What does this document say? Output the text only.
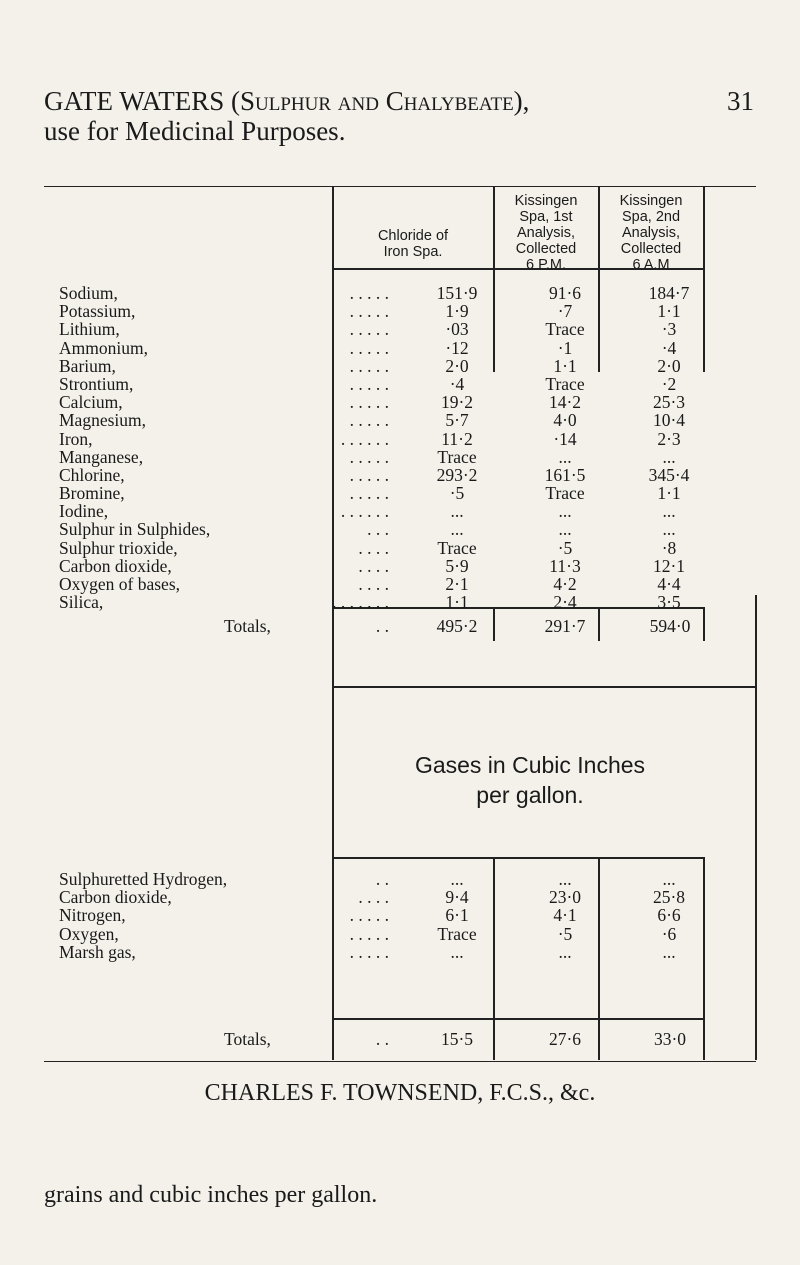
GATE WATERS (Sulphur and Chalybeate),	31
use for Medicinal Purposes.
Chloride of
Iron Spa.
Kissingen
Spa, 1st
Analysis,
Collected
6 P.M.
Kissingen
Spa, 2nd
Analysis,
Collected
6 A.M
Sodium,	. . . . .	151·9	91·6	184·7
Potassium,	. . . . .	1·9	·7	1·1
Lithium,	. . . . .	·03	Trace	·3
Ammonium,	. . . . .	·12	·1	·4
Barium,	. . . . .	2·0	1·1	2·0
Strontium,	. . . . .	·4	Trace	·2
Calcium,	. . . . .	19·2	14·2	25·3
Magnesium,	. . . . .	5·7	4·0	10·4
Iron,	. . . . . .	11·2	·14	2·3
Manganese,	. . . . .	Trace	...	...
Chlorine,	. . . . .	293·2	161·5	345·4
Bromine,	. . . . .	·5	Trace	1·1
Iodine,	. . . . . .	...	...	...
Sulphur in Sulphides,	. . .	...	...	...
Sulphur trioxide,	. . . .	Trace	·5	·8
Carbon dioxide,	. . . .	5·9	11·3	12·1
Oxygen of bases,	. . . .	2·1	4·2	4·4
Silica,	. . . . . . .	1·1	2·4	3·5
Totals,	. .	495·2	291·7	594·0
Gases in Cubic Inches
per gallon.
Sulphuretted Hydrogen,	. .	...	...	...
Carbon dioxide,	. . . .	9·4	23·0	25·8
Nitrogen,	. . . . .	6·1	4·1	6·6
Oxygen,	. . . . .	Trace	·5	·6
Marsh gas,	. . . . .	...	...	...
Totals,	. .	15·5	27·6	33·0
CHARLES F. TOWNSEND, F.C.S., &c.
grains and cubic inches per gallon.
